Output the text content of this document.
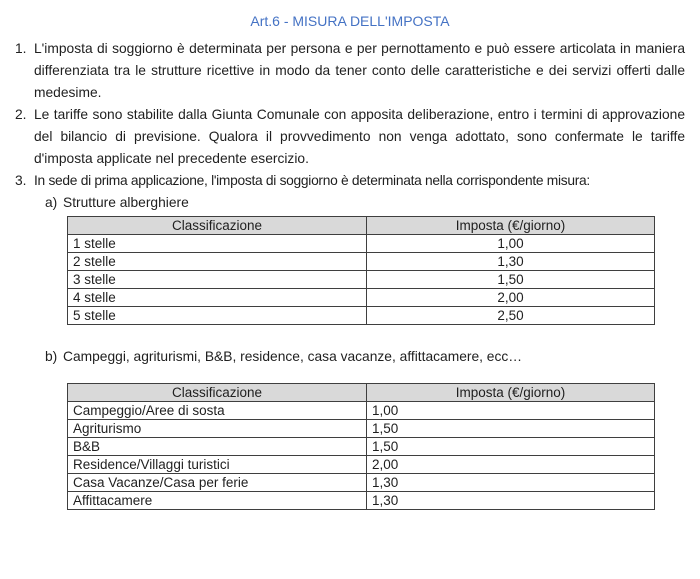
Art.6 - MISURA DELL'IMPOSTA
1. L'imposta di soggiorno è determinata per persona e per pernottamento e può essere articolata in maniera differenziata tra le strutture ricettive in modo da tener conto delle caratteristiche e dei servizi offerti dalle medesime.
2. Le tariffe sono stabilite dalla Giunta Comunale con apposita deliberazione, entro i termini di approvazione del bilancio di previsione. Qualora il provvedimento non venga adottato, sono confermate le tariffe d'imposta applicate nel precedente esercizio.
3. In sede di prima applicazione, l'imposta di soggiorno è determinata nella corrispondente misura:
a) Strutture alberghiere
Classificazione	Imposta (€/giorno)
1 stelle	1,00
2 stelle	1,30
3 stelle	1,50
4 stelle	2,00
5 stelle	2,50
b) Campeggi, agriturismi, B&B, residence, casa vacanze, affittacamere, ecc…
Classificazione	Imposta (€/giorno)
Campeggio/Aree di sosta	1,00
Agriturismo	1,50
B&B	1,50
Residence/Villaggi turistici	2,00
Casa Vacanze/Casa per ferie	1,30
Affittacamere	1,30
